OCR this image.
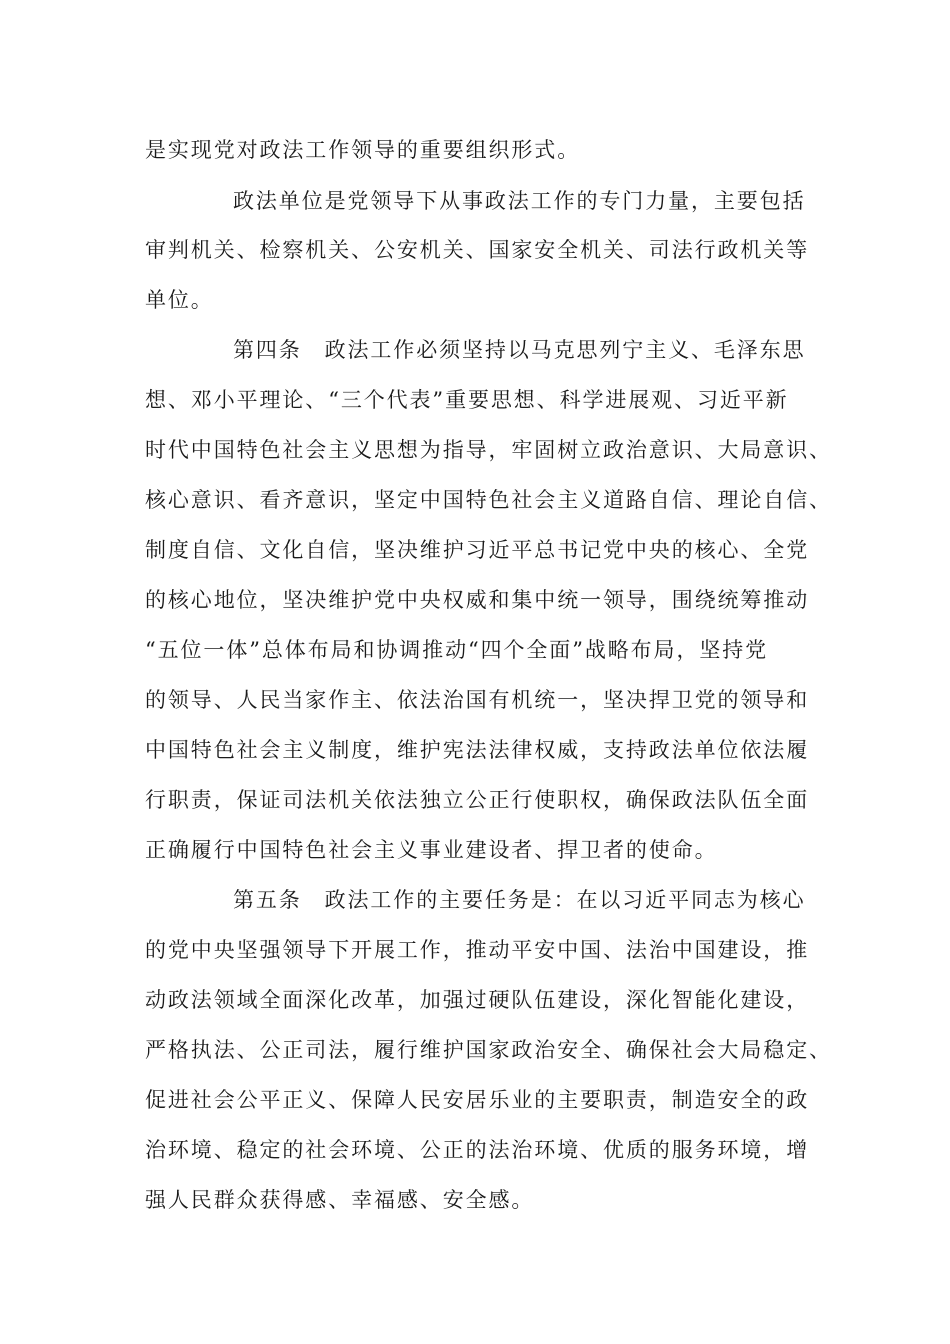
是实现党对政法工作领导的重要组织形式。
政法单位是党领导下从事政法工作的专门力量，主要包括
审判机关、检察机关、公安机关、国家安全机关、司法行政机关等
单位。
第四条　政法工作必须坚持以马克思列宁主义、毛泽东思
想、邓小平理论、“三个代表”重要思想、科学进展观、习近平新
时代中国特色社会主义思想为指导，牢固树立政治意识、大局意识、
核心意识、看齐意识，坚定中国特色社会主义道路自信、理论自信、
制度自信、文化自信，坚决维护习近平总书记党中央的核心、全党
的核心地位，坚决维护党中央权威和集中统一领导，围绕统筹推动
“五位一体”总体布局和协调推动“四个全面”战略布局，坚持党
的领导、人民当家作主、依法治国有机统一，坚决捍卫党的领导和
中国特色社会主义制度，维护宪法法律权威，支持政法单位依法履
行职责，保证司法机关依法独立公正行使职权，确保政法队伍全面
正确履行中国特色社会主义事业建设者、捍卫者的使命。
第五条　政法工作的主要任务是：在以习近平同志为核心
的党中央坚强领导下开展工作，推动平安中国、法治中国建设，推
动政法领域全面深化改革，加强过硬队伍建设，深化智能化建设，
严格执法、公正司法，履行维护国家政治安全、确保社会大局稳定、
促进社会公平正义、保障人民安居乐业的主要职责，制造安全的政
治环境、稳定的社会环境、公正的法治环境、优质的服务环境，增
强人民群众获得感、幸福感、安全感。
